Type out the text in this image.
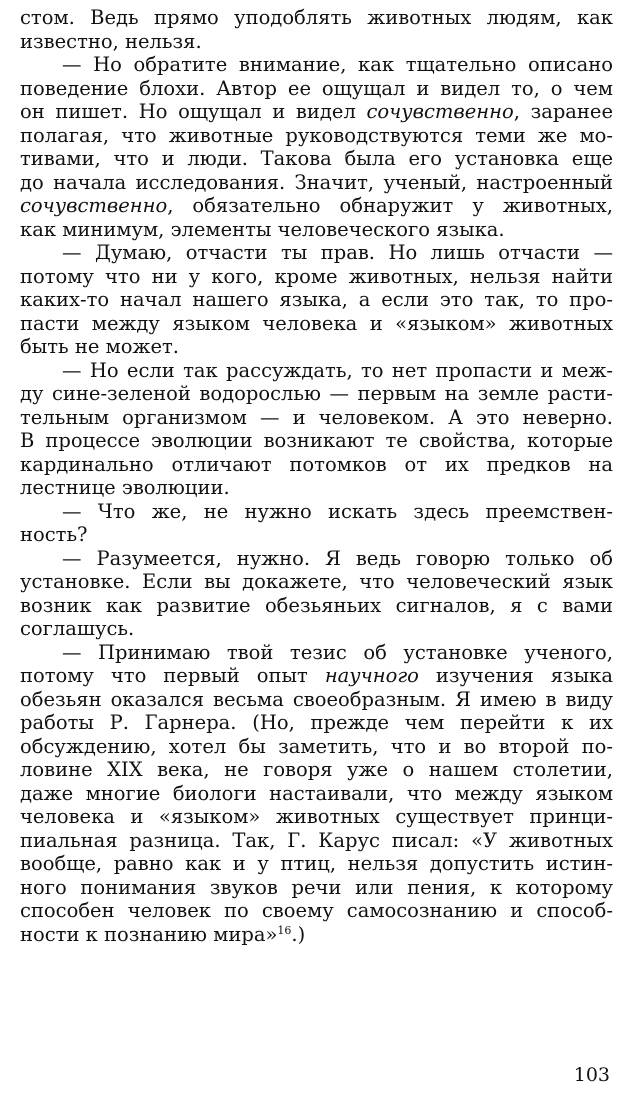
стом. Ведь прямо уподоблять животных людям, как
известно, нельзя.
— Но обратите внимание, как тщательно описано
поведение блохи. Автор ее ощущал и видел то, о чем
он пишет. Но ощущал и видел сочувственно, заранее
полагая, что животные руководствуются теми же мо-
тивами, что и люди. Такова была его установка еще
до начала исследования. Значит, ученый, настроенный
сочувственно, обязательно обнаружит у животных,
как минимум, элементы человеческого языка.
— Думаю, отчасти ты прав. Но лишь отчасти —
потому что ни у кого, кроме животных, нельзя найти
каких-то начал нашего языка, а если это так, то про-
пасти между языком человека и «языком» животных
быть не может.
— Но если так рассуждать, то нет пропасти и меж-
ду сине-зеленой водорослью — первым на земле расти-
тельным организмом — и человеком. А это неверно.
В процессе эволюции возникают те свойства, которые
кардинально отличают потомков от их предков на
лестнице эволюции.
— Что же, не нужно искать здесь преемствен-
ность?
— Разумеется, нужно. Я ведь говорю только об
установке. Если вы докажете, что человеческий язык
возник как развитие обезьяньих сигналов, я с вами
соглашусь.
— Принимаю твой тезис об установке ученого,
потому что первый опыт научного изучения языка
обезьян оказался весьма своеобразным. Я имею в виду
работы Р. Гарнера. (Но, прежде чем перейти к их
обсуждению, хотел бы заметить, что и во второй по-
ловине XIX века, не говоря уже о нашем столетии,
даже многие биологи настаивали, что между языком
человека и «языком» животных существует принци-
пиальная разница. Так, Г. Карус писал: «У животных
вообще, равно как и у птиц, нельзя допустить истин-
ного понимания звуков речи или пения, к которому
способен человек по своему самосознанию и способ-
ности к познанию мира»$^{16}$.)
103
